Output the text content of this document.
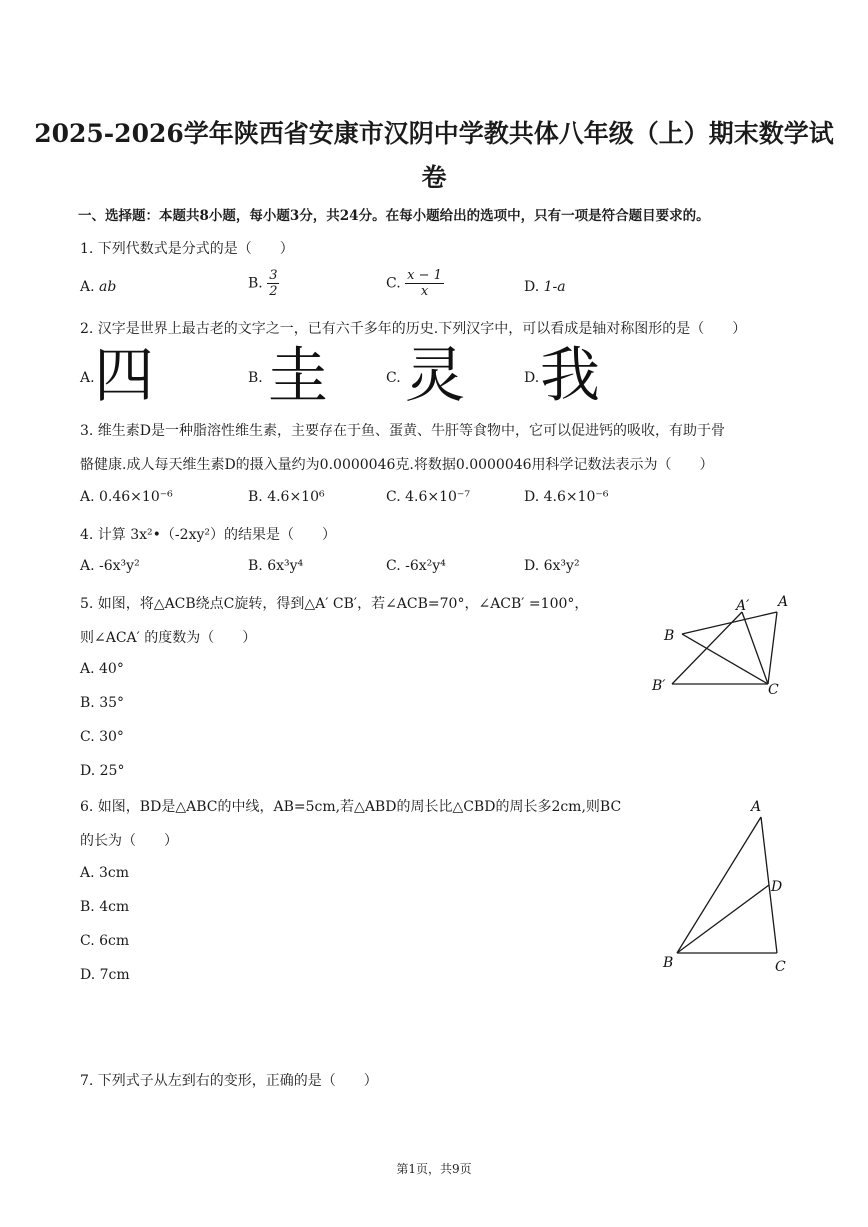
2025-2026学年陕西省安康市汉阴中学教共体八年级（上）期末数学试
卷
一、选择题：本题共8小题，每小题3分，共24分。在每小题给出的选项中，只有一项是符合题目要求的。
1. 下列代数式是分式的是（　　）
A. ab	B. $\frac{3}{2}$	C. $\frac{x - 1}{x}$	D. 1-a
2. 汉字是世界上最古老的文字之一，已有六千多年的历史.下列汉字中，可以看成是轴对称图形的是（　　）
A. 四	B. 圭	C. 灵	D. 我
3. 维生素D是一种脂溶性维生素，主要存在于鱼、蛋黄、牛肝等食物中，它可以促进钙的吸收，有助于骨
骼健康.成人每天维生素D的摄入量约为0.0000046克.将数据0.0000046用科学记数法表示为（　　）
A. 0.46×10⁻⁶	B. 4.6×10⁶	C. 4.6×10⁻⁷	D. 4.6×10⁻⁶
4. 计算 3x²•（-2xy²）的结果是（　　）
A. -6x³y²	B. 6x³y⁴	C. -6x²y⁴	D. 6x³y²
5. 如图，将△ACB绕点C旋转，得到△A′ CB′，若∠ACB=70°，∠ACB′ =100°，
则∠ACA′ 的度数为（　　）
A. 40°
B. 35°
C. 30°
D. 25°
A
A′
B
B′	C
6. 如图，BD是△ABC的中线，AB=5cm,若△ABD的周长比△CBD的周长多2cm,则BC
的长为（　　）
A. 3cm
B. 4cm
C. 6cm
D. 7cm
A
B	C
D
7. 下列式子从左到右的变形，正确的是（　　）
第1页，共9页
